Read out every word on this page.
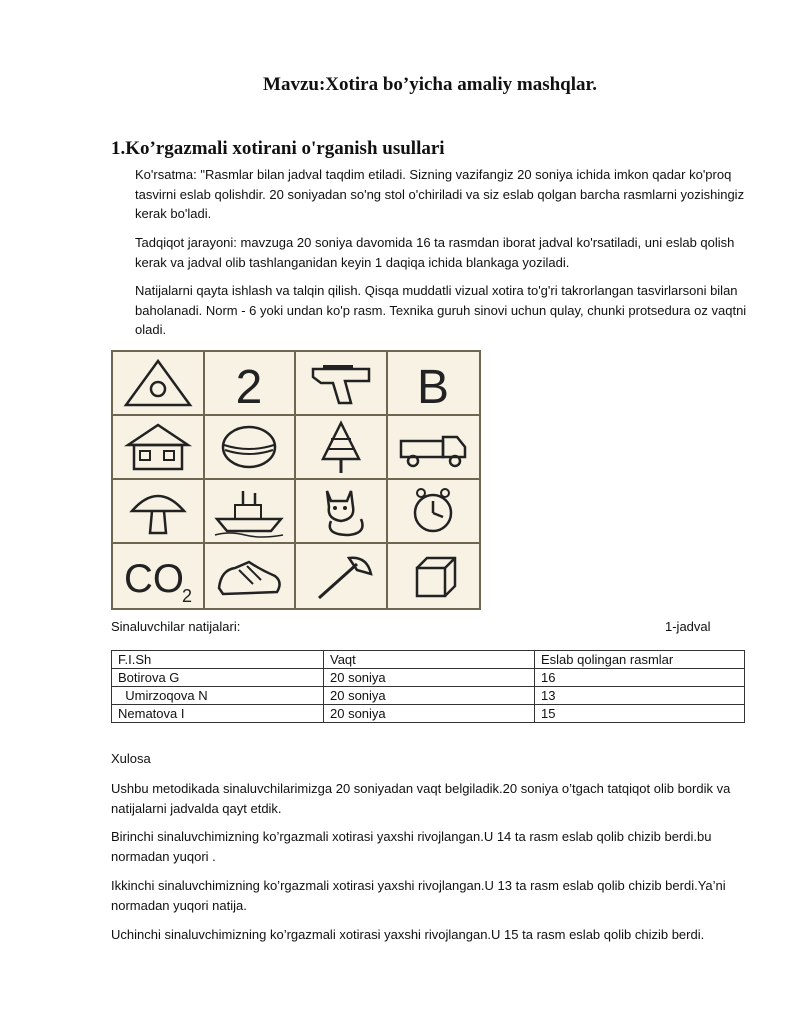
Mavzu:Xotira bo’yicha amaliy mashqlar.
1.Ko’rgazmali xotirani o'rganish usullari

Ko'rsatma: "Rasmlar bilan jadval taqdim etiladi. Sizning vazifangiz 20 soniya ichida imkon qadar ko'proq tasvirni eslab qolishdir. 20 soniyadan so'ng stol o'chiriladi va siz eslab qolgan barcha rasmlarni yozishingiz kerak bo'ladi.

Tadqiqot jarayoni: mavzuga 20 soniya davomida 16 ta rasmdan iborat jadval ko'rsatiladi, uni eslab qolish kerak va jadval olib tashlanganidan keyin 1 daqiqa ichida blankaga yoziladi.

Natijalarni qayta ishlash va talqin qilish. Qisqa muddatli vizual xotira to'g'ri takrorlangan tasvirlarsoni bilan baholanadi. Norm - 6 yoki undan ko'p rasm. Texnika guruh sinovi uchun qulay, chunki protsedura oz vaqtni oladi.

2	B
CO
2
Sinaluvchilar natijalari:	1-jadval
F.I.Sh	Vaqt	Eslab qolingan rasmlar
Botirova G	20 soniya	16
Umirzoqova N	20 soniya	13
Nematova I	20 soniya	15

Xulosa

Ushbu metodikada sinaluvchilarimizga 20 soniyadan vaqt belgiladik.20 soniya o’tgach tatqiqot olib bordik va natijalarni jadvalda qayt etdik.

Birinchi sinaluvchimizning ko’rgazmali xotirasi yaxshi rivojlangan.U 14 ta rasm eslab qolib chizib berdi.bu normadan yuqori .

Ikkinchi sinaluvchimizning ko’rgazmali xotirasi yaxshi rivojlangan.U 13 ta rasm eslab qolib chizib berdi.Ya’ni normadan yuqori natija.

Uchinchi sinaluvchimizning ko’rgazmali xotirasi yaxshi rivojlangan.U 15 ta rasm eslab qolib chizib berdi.
